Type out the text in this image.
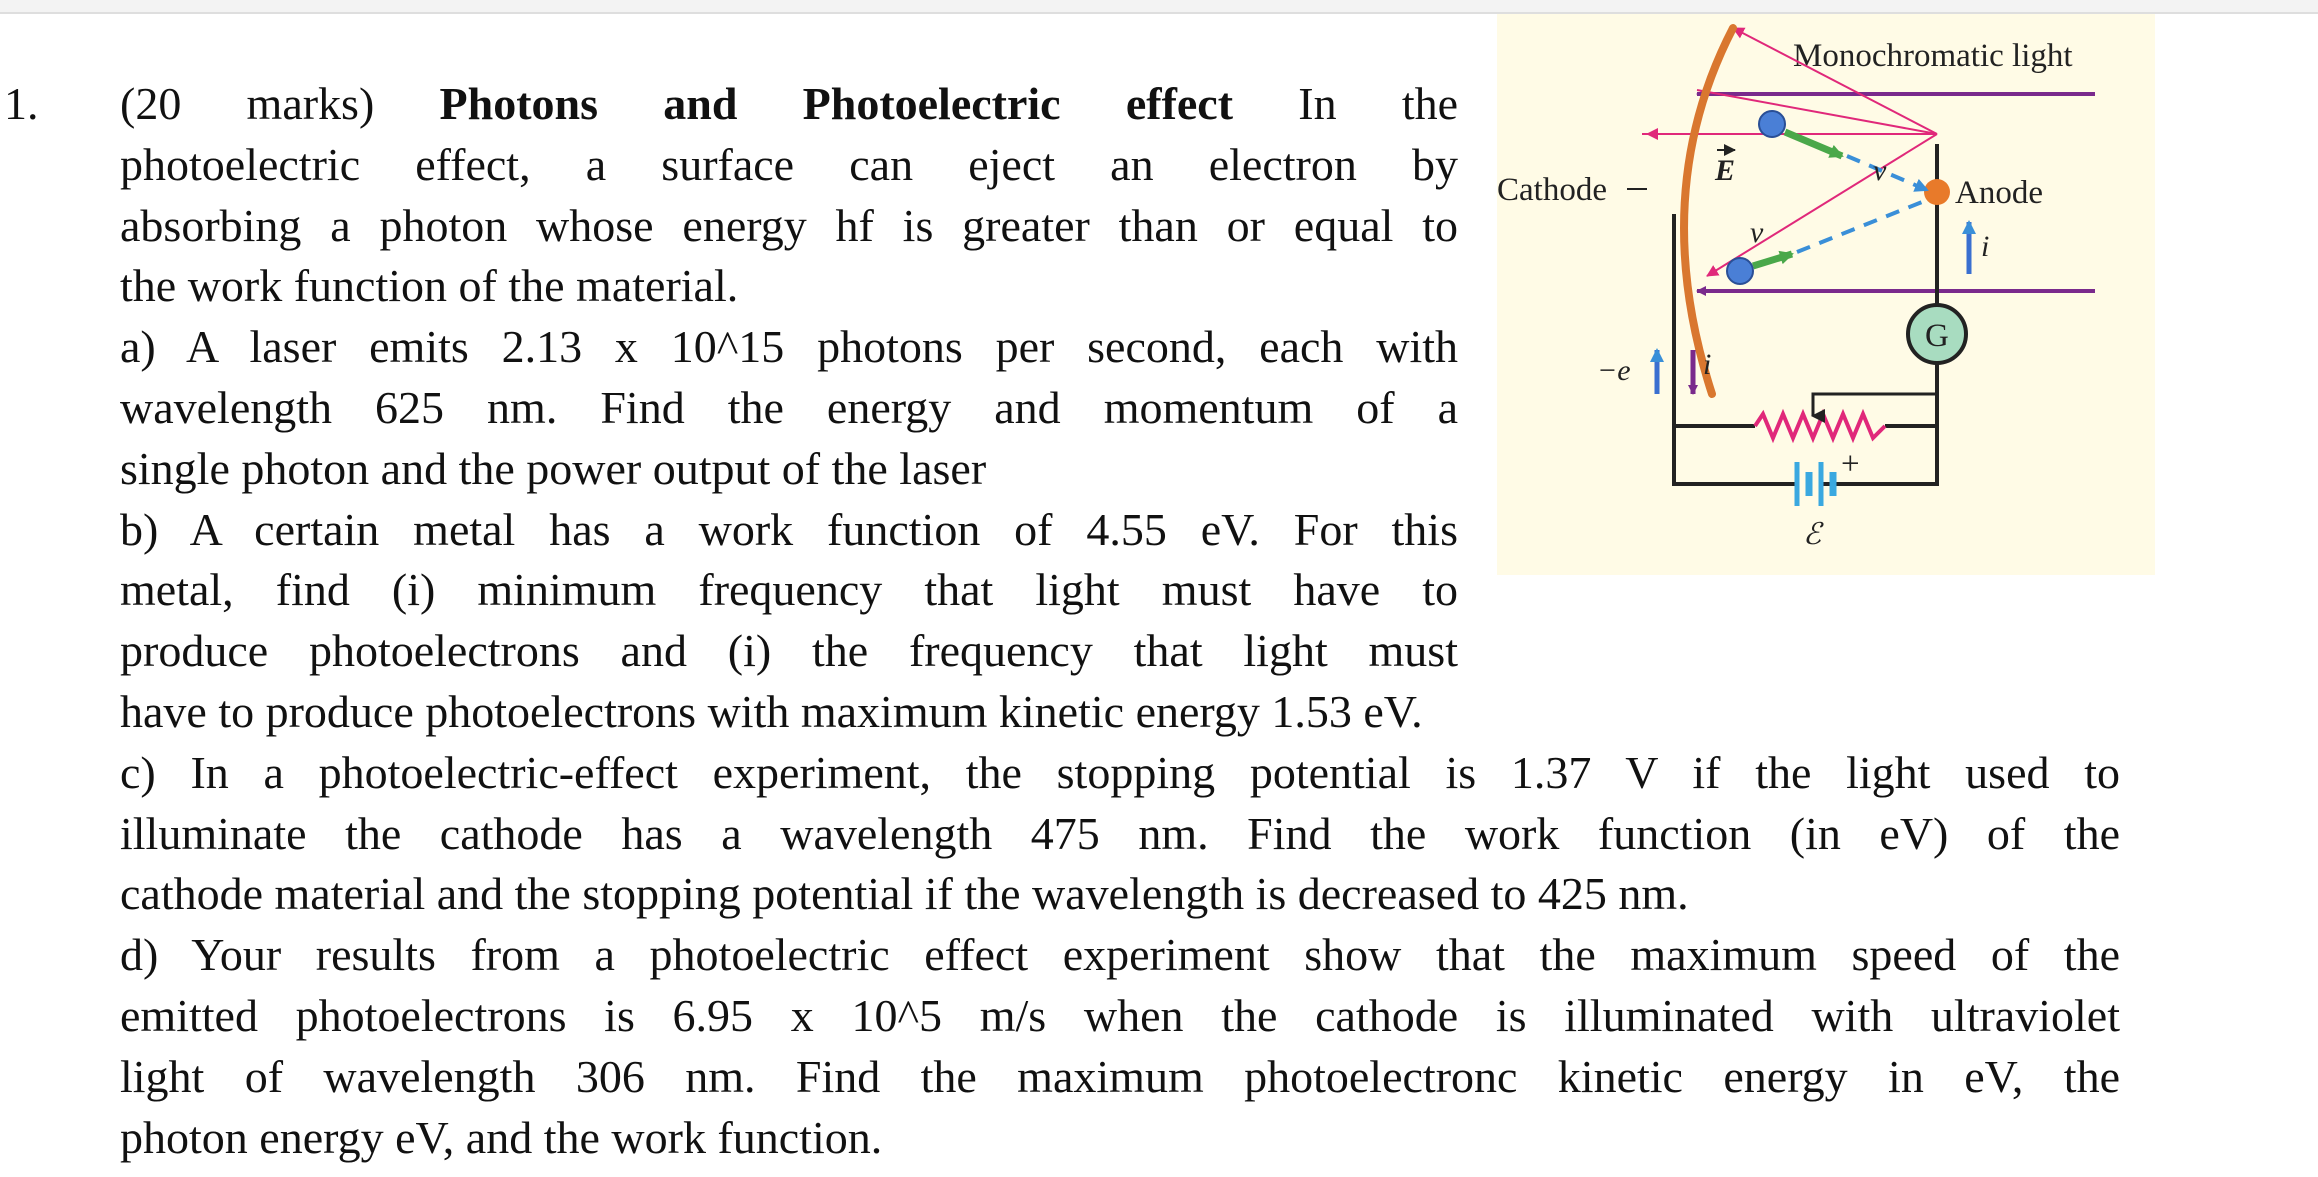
1. (20 marks) Photons and Photoelectric effect In the

photoelectric effect, a surface can eject an electron by

absorbing a photon whose energy hf is greater than or equal to

the work function of the material.

a) A laser emits 2.13 x 10^15 photons per second, each with

wavelength 625 nm. Find the energy and momentum of a

single photon and the power output of the laser

b) A certain metal has a work function of 4.55 eV. For this

metal, find (i) minimum frequency that light must have to

produce photoelectrons and (i) the frequency that light must

have to produce photoelectrons with maximum kinetic energy 1.53 eV.

c) In a photoelectric-effect experiment, the stopping potential is 1.37 V if the light used to

illuminate the cathode has a wavelength 475 nm. Find the work function (in eV) of the

cathode material and the stopping potential if the wavelength is decreased to 425 nm.

d) Your results from a photoelectric effect experiment show that the maximum speed of the

emitted photoelectrons is 6.95 x 10^5 m/s when the cathode is illuminated with ultraviolet

light of wavelength 306 nm. Find the maximum photoelectronc kinetic energy in eV, the

photon energy eV, and the work function.

Monochromatic light
Cathode	Anode
v
v
E
i
−e i
G
+
ℰ
